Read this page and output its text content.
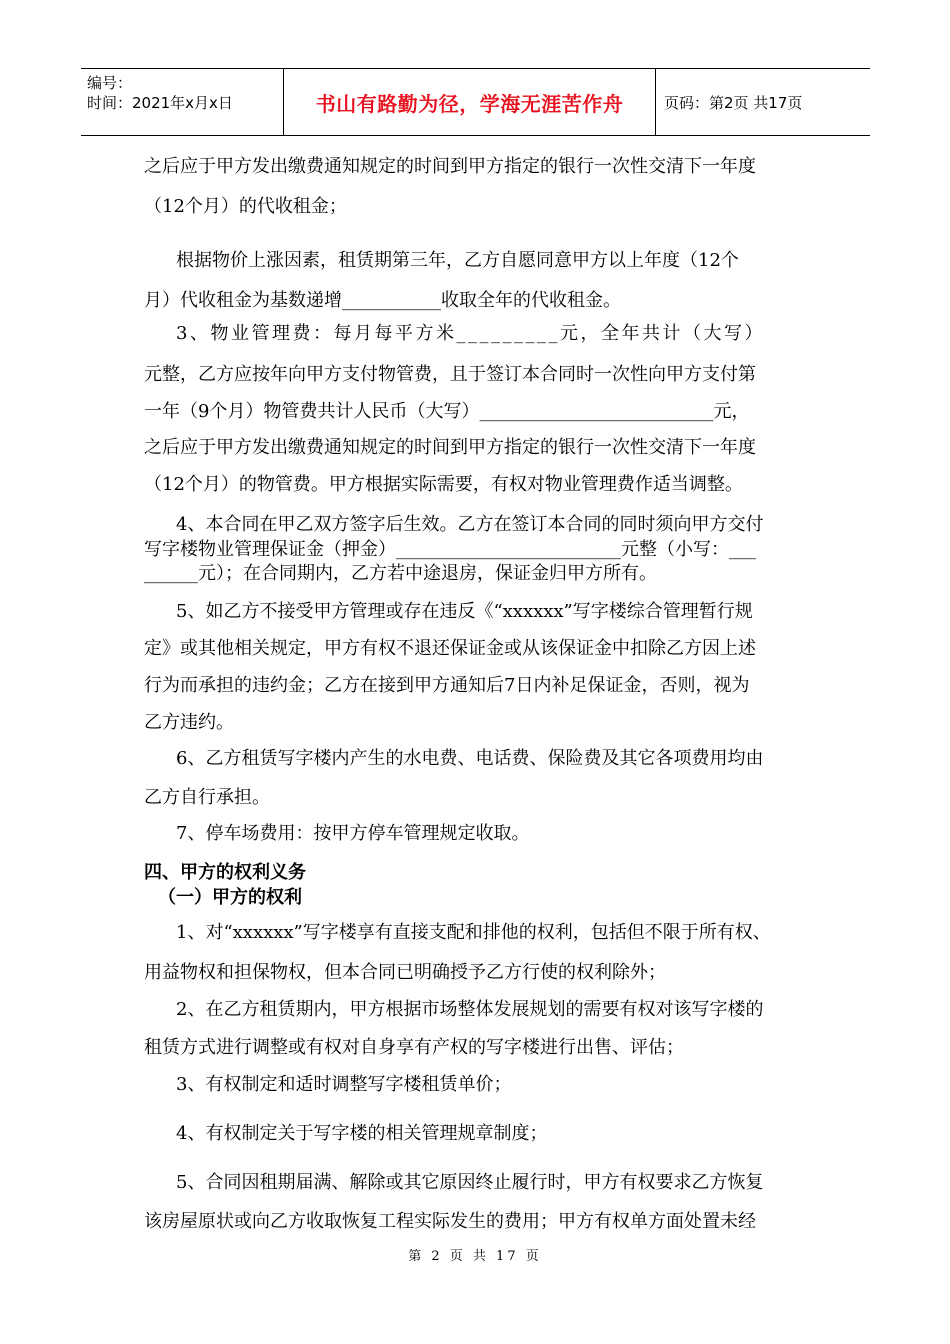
编号：
时间：2021年x月x日	书山有路勤为径，学海无涯苦作舟	页码：第2页 共17页

之后应于甲方发出缴费通知规定的时间到甲方指定的银行一次性交清下一年度

（12个月）的代收租金；

根据物价上涨因素，租赁期第三年，乙方自愿同意甲方以上年度（12个

月）代收租金为基数递增___________收取全年的代收租金。

3、物业管理费：每月每平方米_________元，全年共计（大写）

元整，乙方应按年向甲方支付物管费，且于签订本合同时一次性向甲方支付第

一年（9个月）物管费共计人民币（大写）__________________________元，

之后应于甲方发出缴费通知规定的时间到甲方指定的银行一次性交清下一年度

（12个月）的物管费。甲方根据实际需要，有权对物业管理费作适当调整。

4、本合同在甲乙双方签字后生效。乙方在签订本合同的同时须向甲方交付

写字楼物业管理保证金（押金）_________________________元整（小写：___

______元）；在合同期内，乙方若中途退房，保证金归甲方所有。

5、如乙方不接受甲方管理或存在违反《“xxxxxx”写字楼综合管理暂行规

定》或其他相关规定，甲方有权不退还保证金或从该保证金中扣除乙方因上述

行为而承担的违约金；乙方在接到甲方通知后7日内补足保证金，否则，视为

乙方违约。

6、乙方租赁写字楼内产生的水电费、电话费、保险费及其它各项费用均由

乙方自行承担。

7、停车场费用：按甲方停车管理规定收取。

四、甲方的权利义务

（一）甲方的权利

1、对“xxxxxx”写字楼享有直接支配和排他的权利，包括但不限于所有权、

用益物权和担保物权，但本合同已明确授予乙方行使的权利除外；

2、在乙方租赁期内，甲方根据市场整体发展规划的需要有权对该写字楼的

租赁方式进行调整或有权对自身享有产权的写字楼进行出售、评估；

3、有权制定和适时调整写字楼租赁单价；

4、有权制定关于写字楼的相关管理规章制度；

5、合同因租期届满、解除或其它原因终止履行时，甲方有权要求乙方恢复

该房屋原状或向乙方收取恢复工程实际发生的费用；甲方有权单方面处置未经

第 2 页 共 17 页
